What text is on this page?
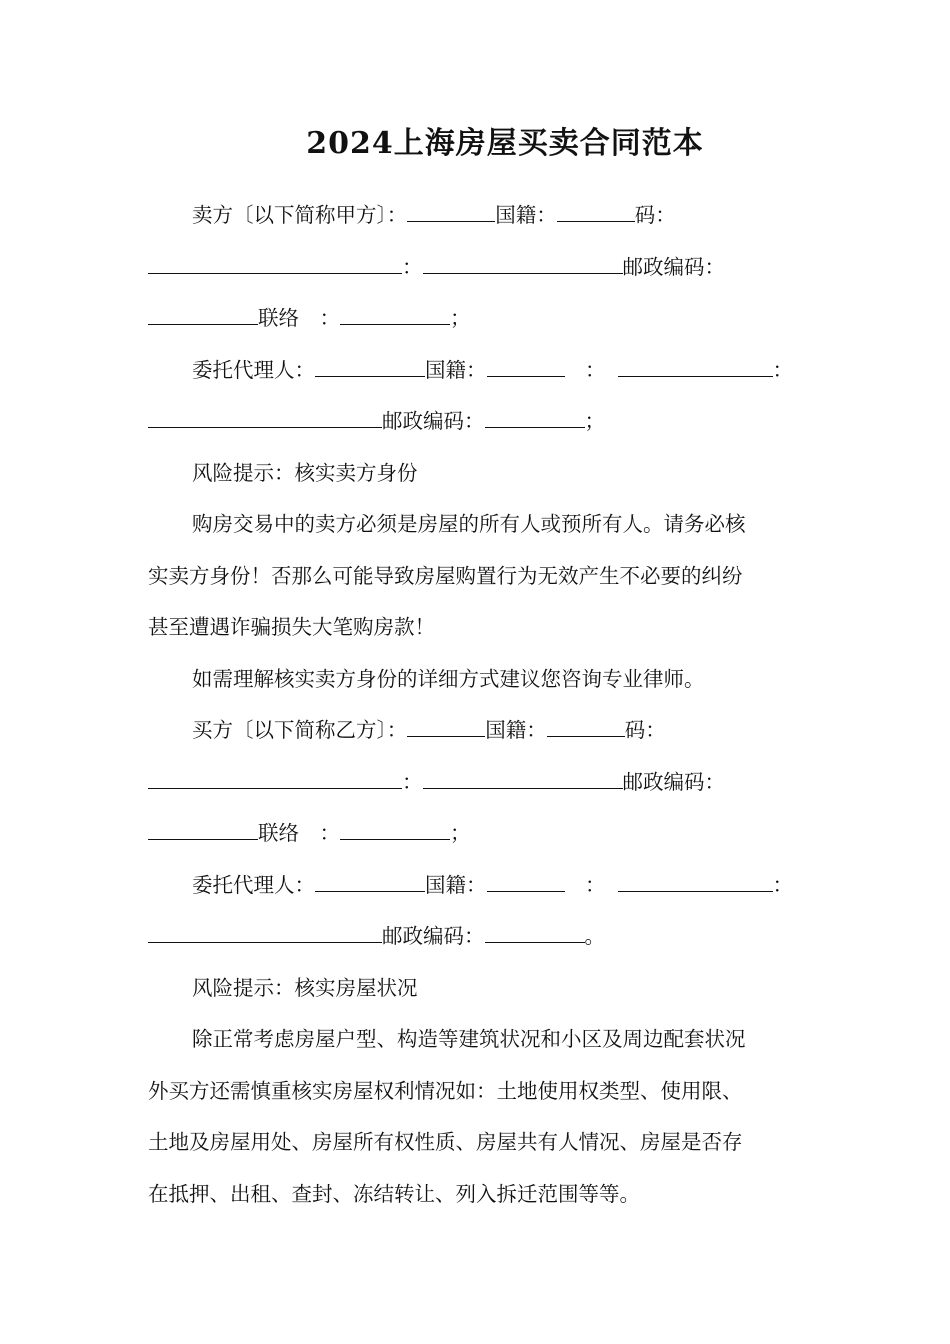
2024上海房屋买卖合同范本
卖方〔以下简称甲方〕：	国籍：	码：
：	邮政编码：
联络　：	；
委托代理人：	国籍：	　：	：
邮政编码：	；
风险提示：核实卖方身份
购房交易中的卖方必须是房屋的所有人或预所有人。请务必核
实卖方身份！否那么可能导致房屋购置行为无效产生不必要的纠纷
甚至遭遇诈骗损失大笔购房款！
如需理解核实卖方身份的详细方式建议您咨询专业律师。
买方〔以下简称乙方〕：	国籍：	码：
：	邮政编码：
联络　：	；
委托代理人：	国籍：	　：	：
邮政编码：	。
风险提示：核实房屋状况
除正常考虑房屋户型、构造等建筑状况和小区及周边配套状况
外买方还需慎重核实房屋权利情况如：土地使用权类型、使用限、
土地及房屋用处、房屋所有权性质、房屋共有人情况、房屋是否存
在抵押、出租、查封、冻结转让、列入拆迁范围等等。
